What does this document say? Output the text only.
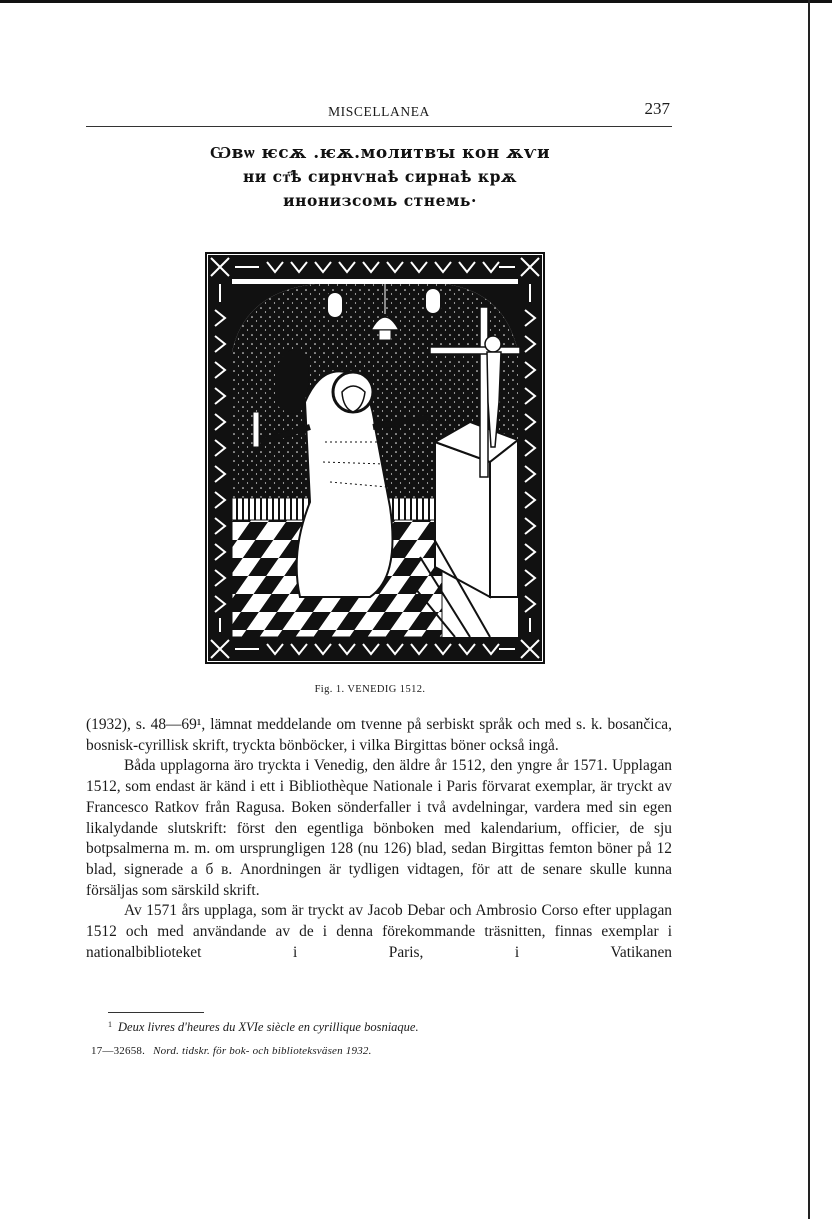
MISCELLANEA	237
Ѡвѡ ѥсѫ .ѥѫ.молитвꙑ кон ѫѵи
ни ст҃ѣ сирнѵнаѣ сирнаѣ крѫ
инонизсомь стнемь·
Fig. 1. VENEDIG 1512.

(1932), s. 48—69¹, lämnat meddelande om tvenne på serbiskt språk och med s. k. bosančica, bosnisk-cyrillisk skrift, tryckta bönböcker, i vilka Birgittas böner också ingå.

Båda upplagorna äro tryckta i Venedig, den äldre år 1512, den yngre år 1571. Upplagan 1512, som endast är känd i ett i Bibliothèque Nationale i Paris förvarat exemplar, är tryckt av Francesco Ratkov från Ragusa. Boken sönderfaller i två avdelningar, vardera med sin egen likalydande slutskrift: först den egentliga bönboken med kalendarium, officier, de sju botpsalmerna m. m. om ursprungligen 128 (nu 126) blad, sedan Birgittas femton böner på 12 blad, signerade а б в. Anordningen är tydligen vidtagen, för att de senare skulle kunna försäljas som särskild skrift.

Av 1571 års upplaga, som är tryckt av Jacob Debar och Ambrosio Corso efter upplagan 1512 och med användande av de i denna förekommande träsnitten, finnas exemplar i nationalbiblioteket i Paris, i Vatikanen

$^1$ Deux livres d'heures du XVIe siècle en cyrillique bosniaque.
17—32658. Nord. tidskr. för bok- och biblioteksväsen 1932.
